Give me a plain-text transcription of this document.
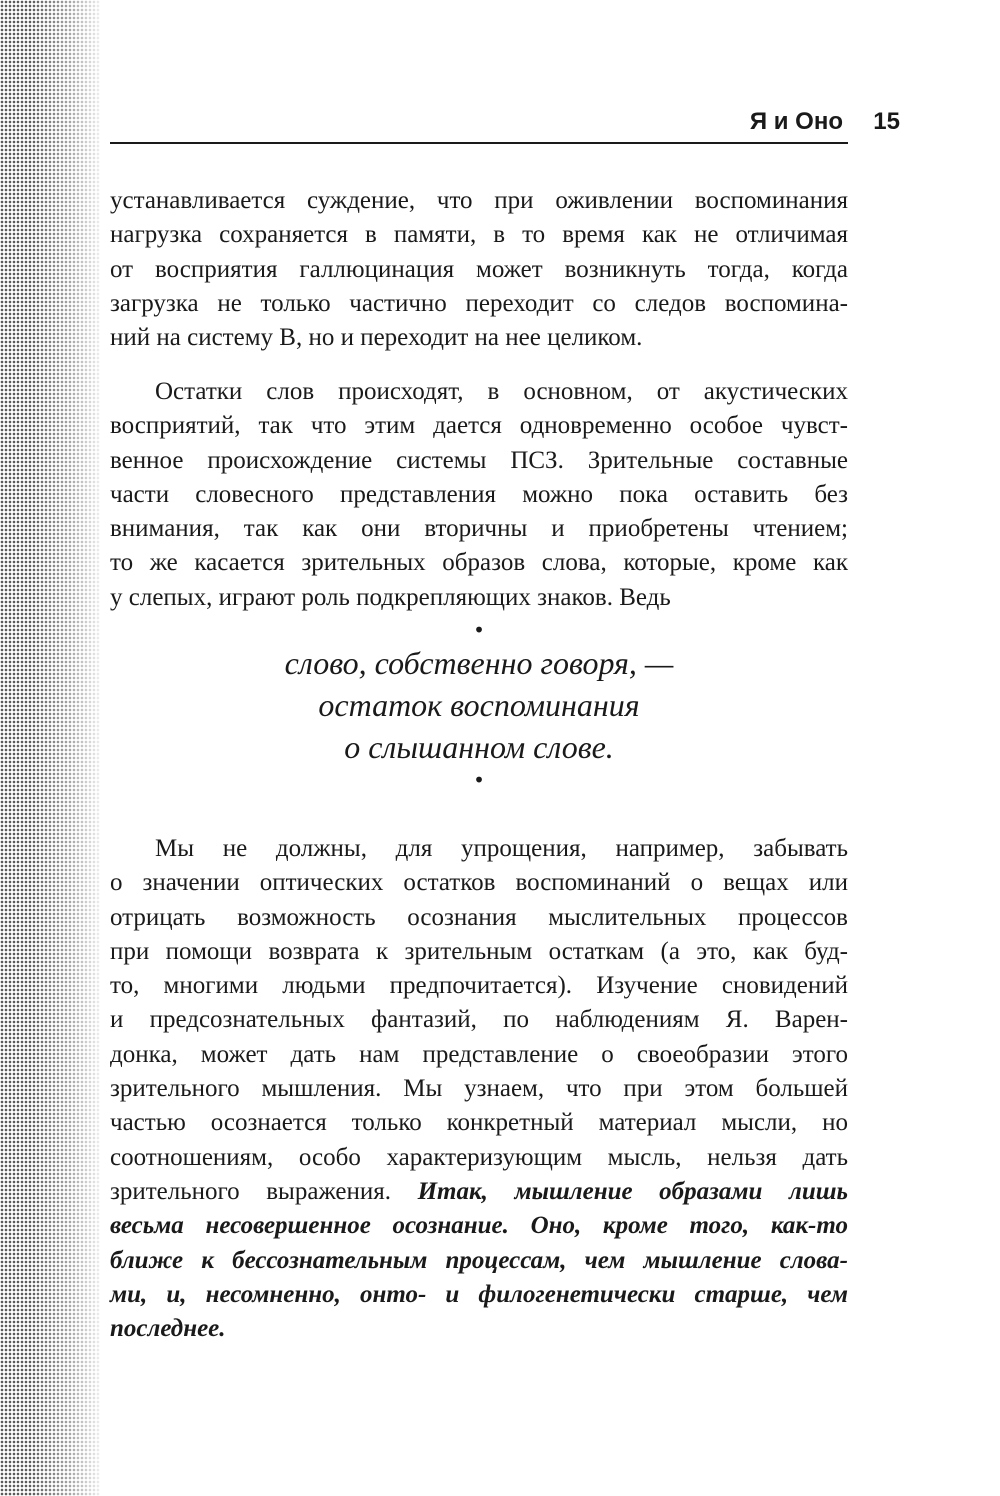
Я и Оно 15
устанавливается суждение, что при оживлении воспоминания
нагрузка сохраняется в памяти, в то время как не отличимая
от восприятия галлюцинация может возникнуть тогда, когда
загрузка не только частично переходит со следов воспомина-
ний на систему В, но и переходит на нее целиком.
Остатки слов происходят, в основном, от акустических
восприятий, так что этим дается одновременно особое чувст-
венное происхождение системы ПСЗ. Зрительные составные
части словесного представления можно пока оставить без
внимания, так как они вторичны и приобретены чтением;
то же касается зрительных образов слова, которые, кроме как
у слепых, играют роль подкрепляющих знаков. Ведь
•
слово, собственно говоря, —
остаток воспоминания
о слышанном слове.
•
Мы не должны, для упрощения, например, забывать
о значении оптических остатков воспоминаний о вещах или
отрицать возможность осознания мыслительных процессов
при помощи возврата к зрительным остаткам (а это, как буд-
то, многими людьми предпочитается). Изучение сновидений
и предсознательных фантазий, по наблюдениям Я. Варен-
донка, может дать нам представление о своеобразии этого
зрительного мышления. Мы узнаем, что при этом большей
частью осознается только конкретный материал мысли, но
соотношениям, особо характеризующим мысль, нельзя дать
зрительного выражения. Итак, мышление образами лишь
весьма несовершенное осознание. Оно, кроме того, как-то
ближе к бессознательным процессам, чем мышление слова-
ми, и, несомненно, онто- и филогенетически старше, чем
последнее.
